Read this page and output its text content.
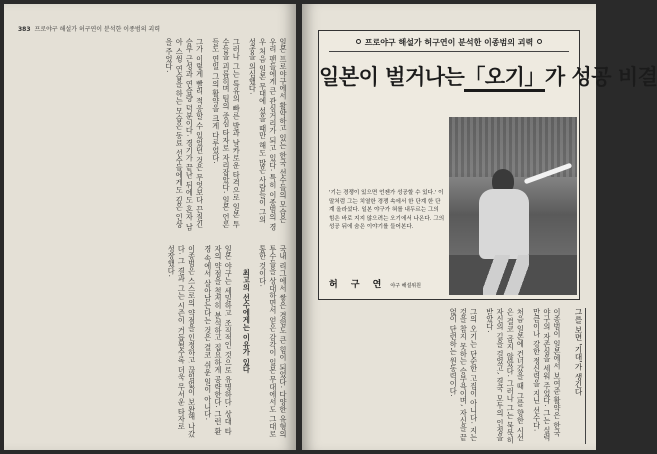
383 프로야구 해설가 허구연이 분석한 이종범의 괴력

일본 프로야구에서 활약하고 있는 한국 선수들의 모습은 우리 팬들에게 큰 관심거리가 되고 있다. 특히 이종범의 경우 처음 일본 무대에 섰을 때만 해도 많은 사람들이 그의 성공을 의심했다.

그러나 그는 특유의 빠른 발과 날카로운 타격으로 일본 투수들을 괴롭히며 팀의 중심 타자로 자리잡았다. 일본 언론들도 연일 그의 활약을 크게 다루었다.

그가 이렇게 빨리 적응할 수 있었던 것은 무엇보다 끈질긴 승부 근성과 연습량 덕분이다. 경기가 끝난 뒤에도 혼자 남아 스윙 연습을 하는 모습은 동료 선수들에게도 깊은 인상을 주었다.

국내 리그에서 쌓은 경험도 큰 힘이 되었다. 다양한 유형의 투수들을 상대하면서 얻은 감각이 일본 무대에서도 그대로 통한 것이다.

최고의 선수에게는 이유가 있다

일본 야구는 세밀하고 조직적인 것으로 유명하다. 상대 타자의 약점을 철저히 분석하고 집요하게 공략한다. 그런 환경 속에서 살아남는다는 것은 결코 쉬운 일이 아니다.

이종범은 스스로의 약점을 인정하고 끊임없이 보완해 나갔다. 그 결과 그는 시즌이 거듭될수록 더욱 무서운 타자로 성장했다.

프로야구 해설가 허구연이 분석한 이종범의 괴력
일본이 벌거나는「오기」가 성공 비결
'기는 경쟁이 있으면 언젠가 성공할 수 있다.' 이 말처럼 그는 치열한 경쟁 속에서 한 단계 한 단계 올라섰다. 일본 야구가 혀를 내두르는 그의 힘은 바로 지지 않으려는 오기에서 나온다. 그의 성공 뒤에 숨은 이야기를 들어본다.
허 구 연 야구 해설위원

이종범이 일본에서 보여준 활약은 한국 야구의 자존심을 세워 주었다. 그는 실력만큼이나 강한 정신력을 지닌 선수다.

처음 일본에 건너갔을 때 그를 향한 시선은 결코 곱지 않았다. 그러나 그는 묵묵히 자신의 길을 걸었고, 결국 모두의 인정을 받았다.

그의 오기는 단순한 고집이 아니다. 지는 것을 참지 못하는 승부욕이며, 자신을 끝없이 단련하는 원동력이다.	그를 보면 '기대'가 생긴다
